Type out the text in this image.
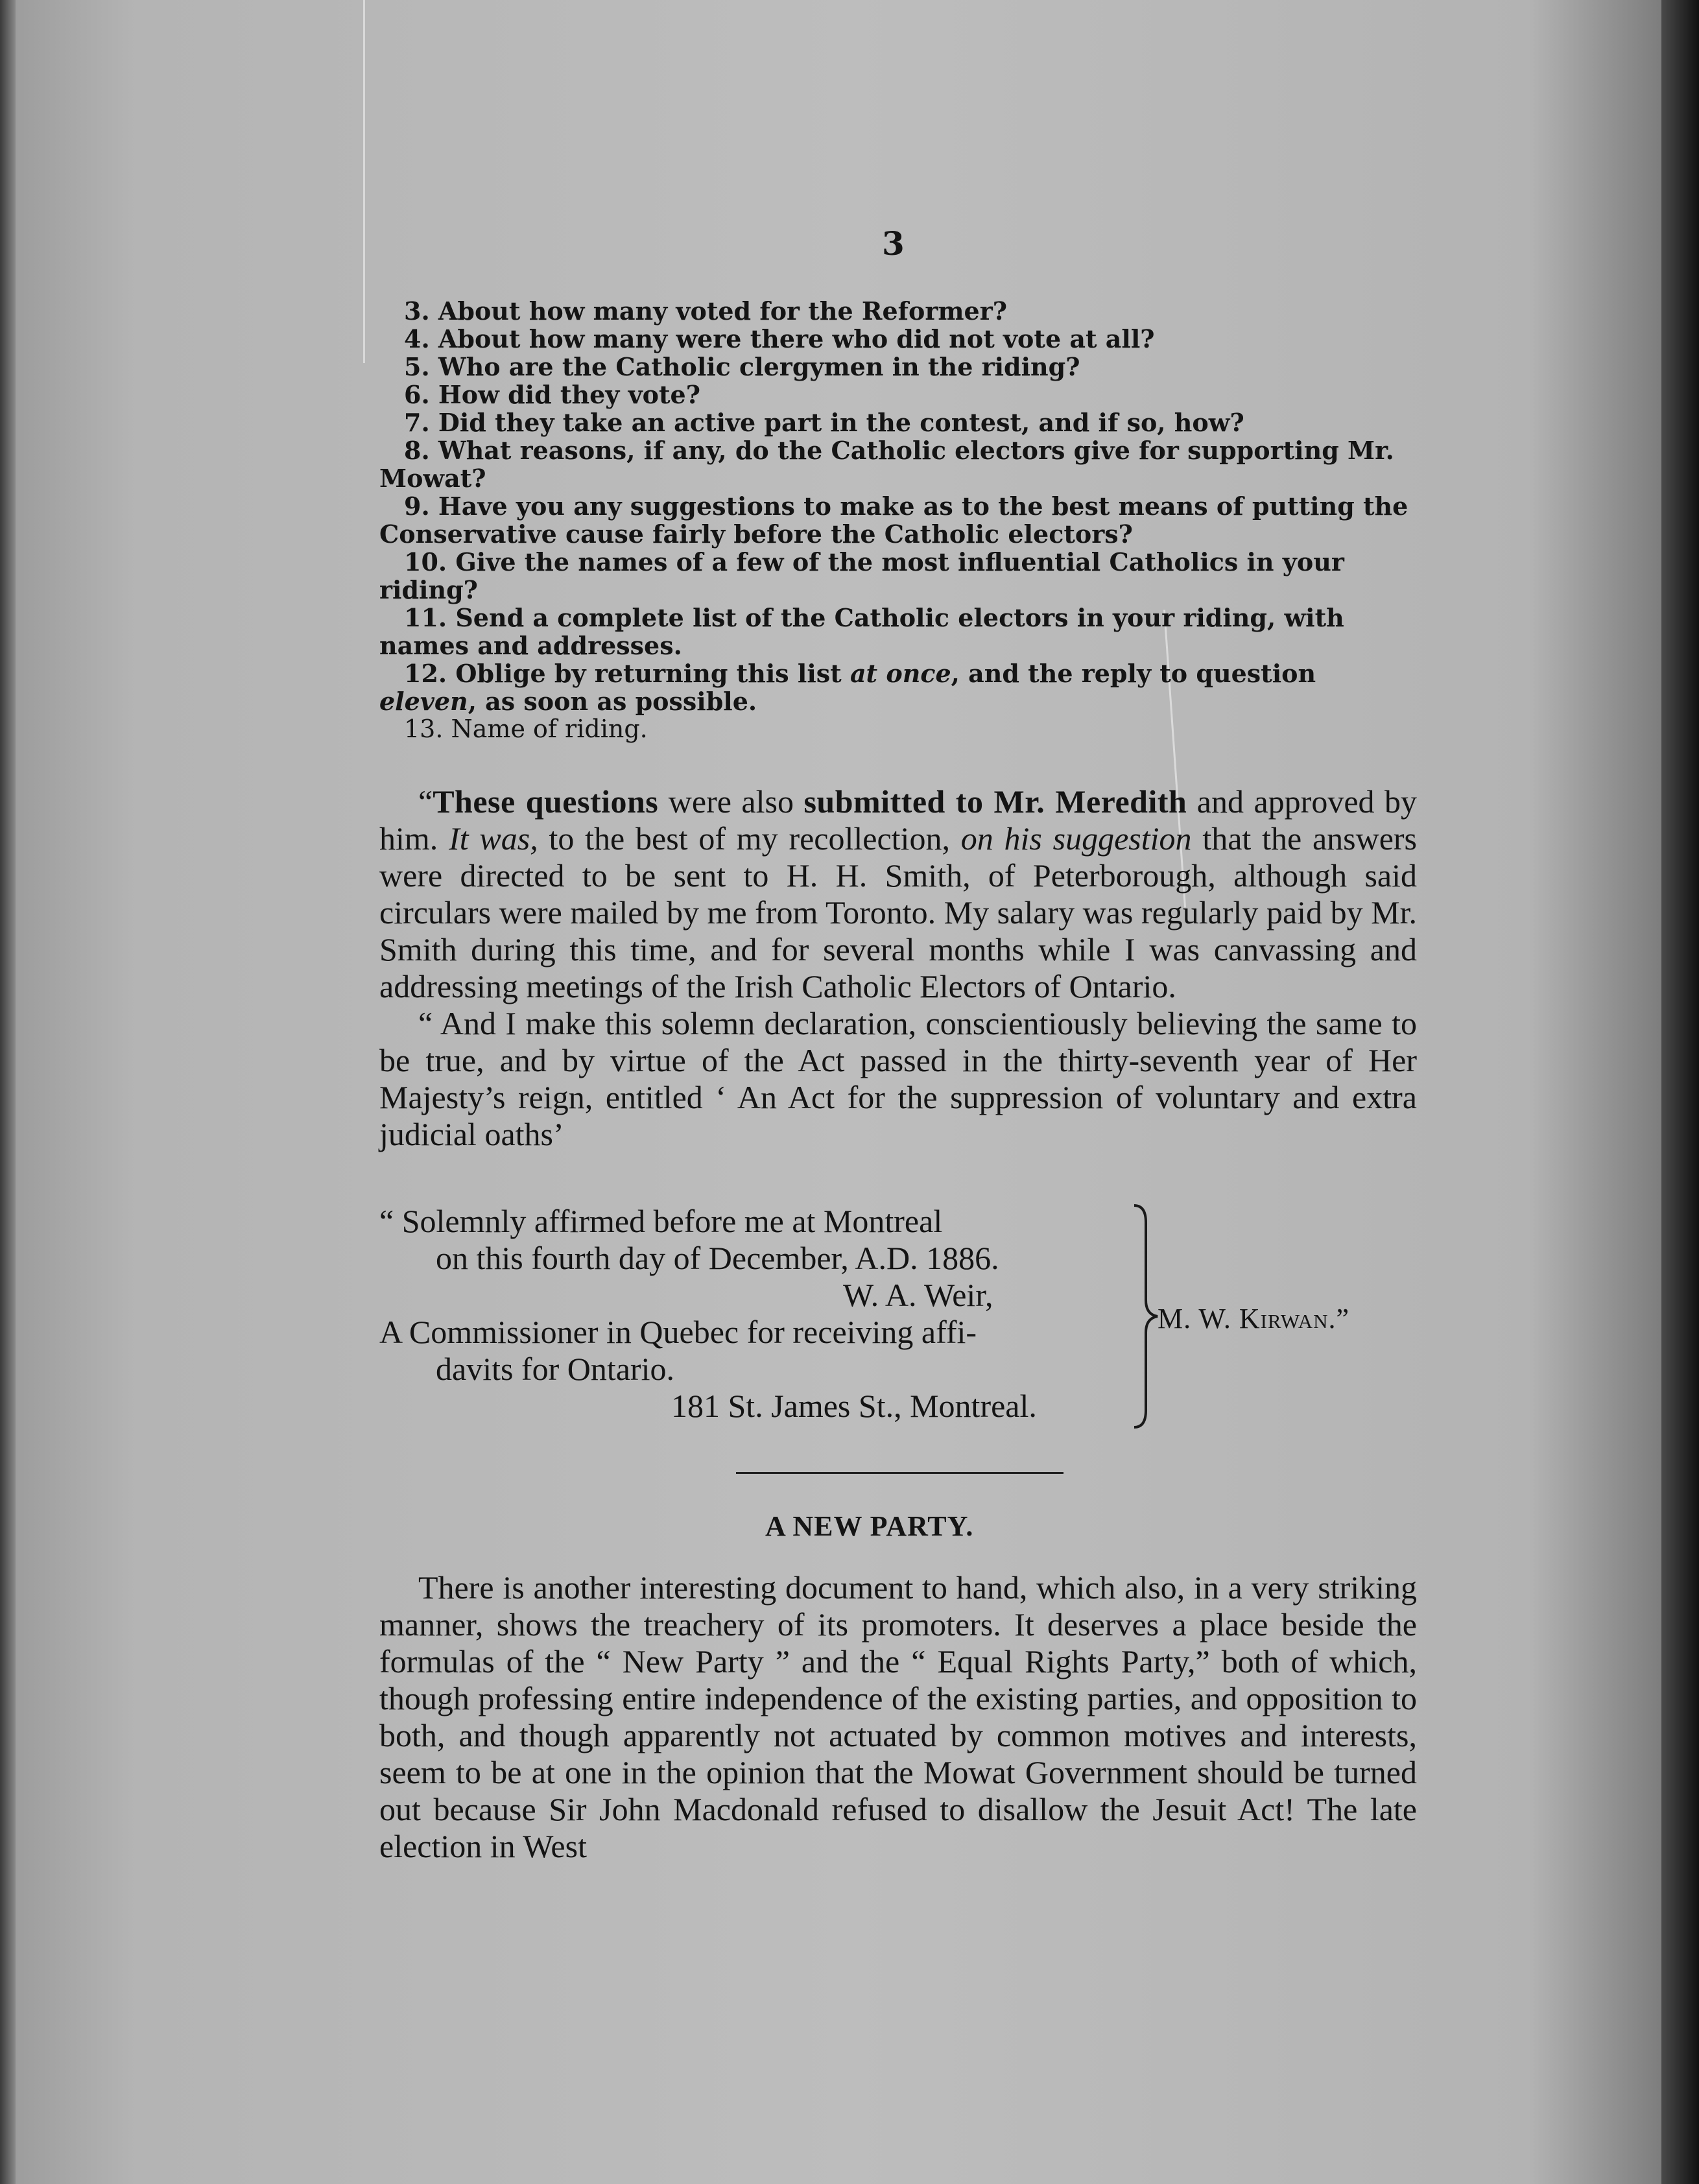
3

3. About how many voted for the Reformer?

4. About how many were there who did not vote at all?

5. Who are the Catholic clergymen in the riding?

6. How did they vote?

7. Did they take an active part in the contest, and if so, how?

8. What reasons, if any, do the Catholic electors give for supporting Mr. Mowat?

9. Have you any suggestions to make as to the best means of putting the Conservative cause fairly before the Catholic electors?

10. Give the names of a few of the most influential Catholics in your riding?

11. Send a complete list of the Catholic electors in your riding, with names and addresses.

12. Oblige by returning this list at once, and the reply to question eleven, as soon as possible.

13. Name of riding.

“These questions were also submitted to Mr. Meredith and approved by him. It was, to the best of my recollection, on his suggestion that the answers were directed to be sent to H. H. Smith, of Peterborough, although said circulars were mailed by me from Toronto. My salary was regularly paid by Mr. Smith during this time, and for several months while I was canvassing and addressing meetings of the Irish Catholic Electors of Ontario.

“ And I make this solemn declaration, conscientiously believing the same to be true, and by virtue of the Act passed in the thirty-seventh year of Her Majesty’s reign, entitled ‘ An Act for the suppression of voluntary and extra judicial oaths’

“ Solemnly affirmed before me at Montreal
on this fourth day of December, A.D. 1886.
W. A. Weir,
A Commissioner in Quebec for receiving affi-
davits for Ontario.
181 St. James St., Montreal.
M. W. Kirwan.”
A NEW PARTY.

There is another interesting document to hand, which also, in a very striking manner, shows the treachery of its promoters. It deserves a place beside the formulas of the “ New Party ” and the “ Equal Rights Party,” both of which, though professing entire independence of the existing parties, and opposition to both, and though apparently not actuated by common motives and interests, seem to be at one in the opinion that the Mowat Government should be turned out because Sir John Macdonald refused to disallow the Jesuit Act! The late election in West
